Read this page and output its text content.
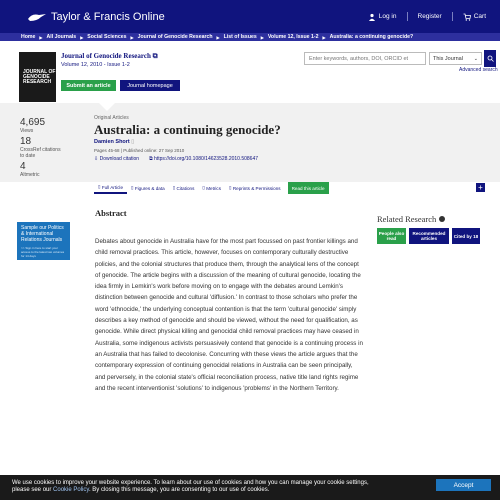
Taylor & Francis Online	Log in	Register	Cart
Home ▶ All Journals ▶ Social Sciences ▶ Journal of Genocide Research ▶ List of Issues ▶ Volume 12, Issue 1-2 ▶ Australia: a continuing genocide?
JOURNAL OF GENOCIDE RESEARCH
Journal of Genocide Research ⧉
Volume 12, 2010 - Issue 1-2
Submit an article	Journal homepage
Enter keywords, authors, DOI, ORCID et
This Journal ⌄
Advanced search
4,695
Views
18
CrossRef citations to date
4
Altmetric
Original Articles
Australia: a continuing genocide?
Damien Short ▯
Pages 45-68 | Published online: 27 Sep 2010
⇩ Download citation ⧉ https://doi.org/10.1080/14623528.2010.508647
▯
Full Article ▯
Figures & data ▯
Citations ▯
Metrics ▯
Reprints & Permissions	Read this article	+
Sample our Politics & International Relations Journals
>> Sign in here to start your access to the latest two volumes for 14 days
Abstract
Debates about genocide in Australia have for the most part focussed on past frontier killings and child removal practices. This article, however, focuses on contemporary culturally destructive policies, and the colonial structures that produce them, through the analytical lens of the concept of genocide. The article begins with a discussion of the meaning of cultural genocide, locating the idea firmly in Lemkin's work before moving on to engage with the debates around Lemkin's distinction between genocide and cultural 'diffusion.' In contrast to those scholars who prefer the word 'ethnocide,' the underlying conceptual contention is that the term 'cultural genocide' simply describes a key method of genocide and should be viewed, without the need for qualification, as genocide. While direct physical killing and genocidal child removal practices may have ceased in Australia, some indigenous activists persuasively contend that genocide is a continuing process in an Australia that has failed to decolonise. Concurring with these views the article argues that the contemporary expression of continuing genocidal relations in Australia can be seen principally, and perversely, in the colonial state's official reconciliation process, native title land rights regime and the recent interventionist 'solutions' to indigenous 'problems' in the Northern Territory.
Related Research
People also read
Recommended articles	Cited by 18
We use cookies to improve your website experience. To learn about our use of cookies and how you can manage your cookie settings,
please see our Cookie Policy. By closing this message, you are consenting to our use of cookies.
Accept
